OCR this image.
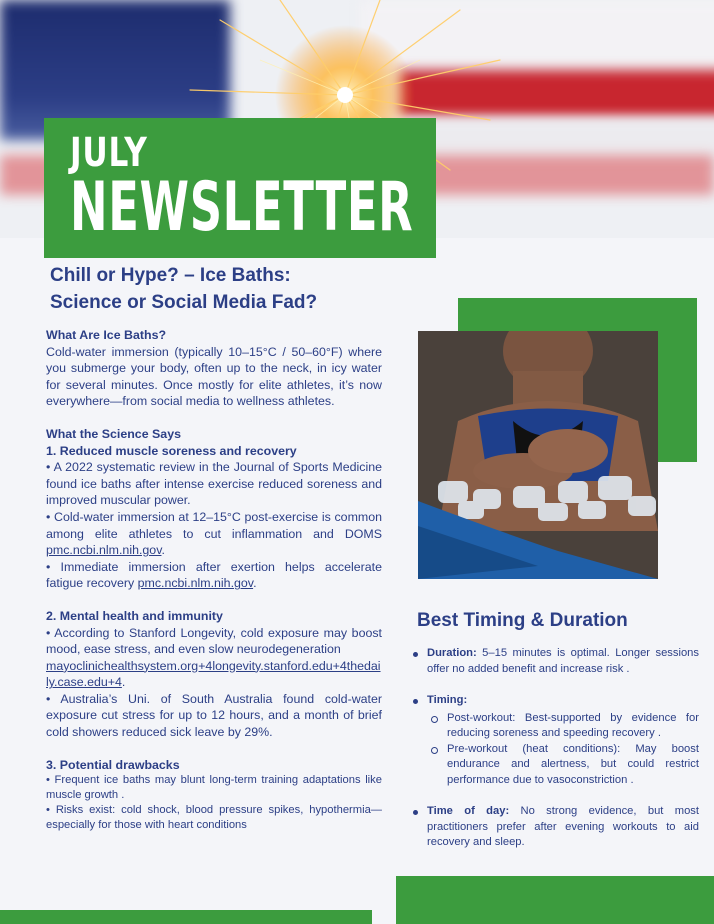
JULY
NEWSLETTER
Chill or Hype? – Ice Baths:
Science or Social Media Fad?
What Are Ice Baths?
Cold-water immersion (typically 10–15°C / 50–60°F) where you submerge your body, often up to the neck, in icy water for several minutes. Once mostly for elite athletes, it’s now everywhere—from social media to wellness athletes.
What the Science Says
1. Reduced muscle soreness and recovery
• A 2022 systematic review in the Journal of Sports Medicine found ice baths after intense exercise reduced soreness and improved muscular power.
• Cold-water immersion at 12–15°C post-exercise is common among elite athletes to cut inflammation and DOMS pmc.ncbi.nlm.nih.gov.
• Immediate immersion after exertion helps accelerate fatigue recovery pmc.ncbi.nlm.nih.gov.
2. Mental health and immunity
• According to Stanford Longevity, cold exposure may boost mood, ease stress, and even slow neurodegeneration
mayoclinichealthsystem.org+4longevity.stanford.edu+4thedaily.case.edu+4.
• Australia’s Uni. of South Australia found cold-water exposure cut stress for up to 12 hours, and a month of brief cold showers reduced sick leave by 29%.
3. Potential drawbacks
• Frequent ice baths may blunt long-term training adaptations like muscle growth .
• Risks exist: cold shock, blood pressure spikes, hypothermia—especially for those with heart conditions
Best Timing & Duration
Duration: 5–15 minutes is optimal. Longer sessions offer no added benefit and increase risk .
Timing:
Post-workout: Best-supported by evidence for reducing soreness and speeding recovery .
Pre-workout (heat conditions): May boost endurance and alertness, but could restrict performance due to vasoconstriction .
Time of day: No strong evidence, but most practitioners prefer after evening workouts to aid recovery and sleep.
